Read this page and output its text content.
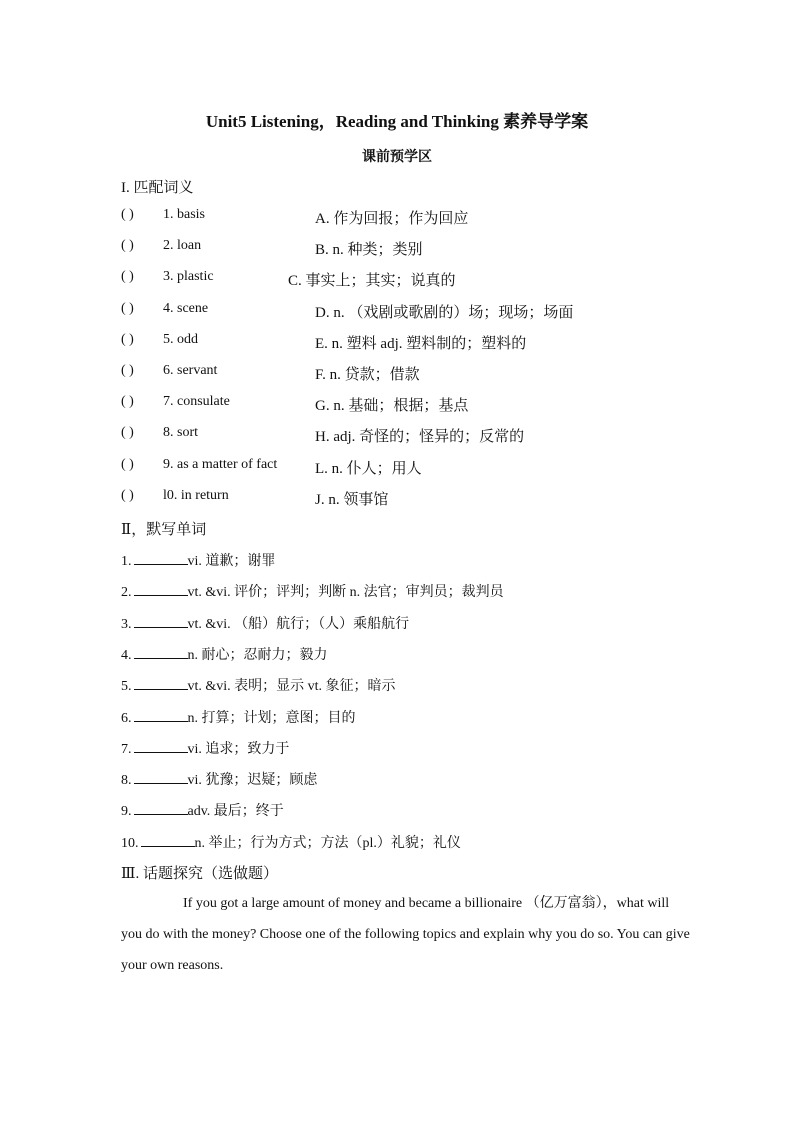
Unit5 Listening，Reading and Thinking 素养导学案
课前预学区
I. 匹配词义
( ) 1. basis	A. 作为回报；作为回应
( ) 2. loan	B. n. 种类；类别
( ) 3. plastic	C. 事实上；其实；说真的
( ) 4. scene	D. n. （戏剧或歌剧的）场；现场；场面
( ) 5. odd	E. n. 塑料 adj. 塑料制的；塑料的
( ) 6. servant	F. n. 贷款；借款
( ) 7. consulate	G. n. 基础；根据；基点
( ) 8. sort	H. adj. 奇怪的；怪异的；反常的
( ) 9. as a matter of fact	L. n. 仆人；用人
( ) l0. in return	J. n. 领事馆
Ⅱ，默写单词
1.	vi. 道歉；谢罪
2.	vt. &vi. 评价；评判；判断 n. 法官；审判员；裁判员
3.	vt. &vi. （船）航行；（人）乘船航行
4.	n. 耐心；忍耐力；毅力
5.	vt. &vi. 表明；显示 vt. 象征；暗示
6.	n. 打算；计划；意图；目的
7.	vi. 追求；致力于
8.	vi. 犹豫；迟疑；顾虑
9.	adv. 最后；终于
10.	n. 举止；行为方式；方法（pl.）礼貌；礼仪
Ⅲ. 话题探究（选做题）
If you got a large amount of money and became a billionaire （亿万富翁），what will you do with the money? Choose one of the following topics and explain why you do so. You can give your own reasons.
